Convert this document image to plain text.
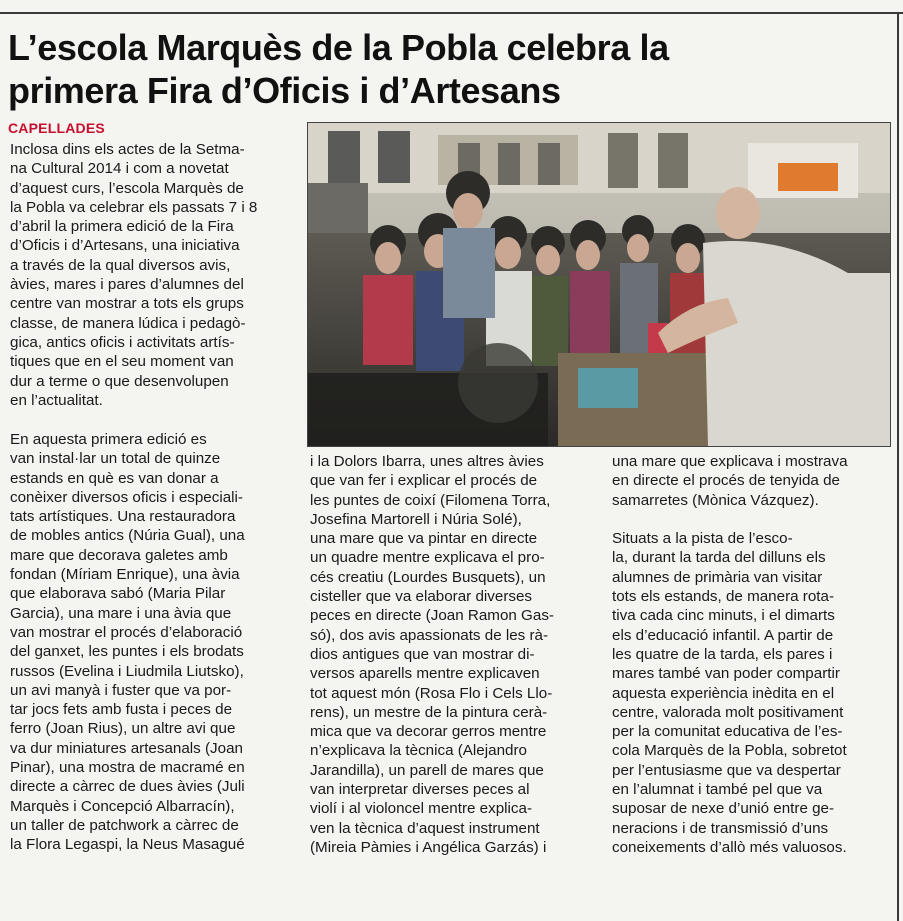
L’escola Marquès de la Pobla celebra la
primera Fira d’Oficis i d’Artesans
CAPELLADES
Inclosa dins els actes de la Setma-
na Cultural 2014 i com a novetat
d’aquest curs, l’escola Marquès de
la Pobla va celebrar els passats 7 i 8
d’abril la primera edició de la Fira
d’Oficis i d’Artesans, una iniciativa
a través de la qual diversos avis,
àvies, mares i pares d’alumnes del
centre van mostrar a tots els grups
classe, de manera lúdica i pedagò-
gica, antics oficis i activitats artís-
tiques que en el seu moment van
dur a terme o que desenvolupen
en l’actualitat.
En aquesta primera edició es
van instal·lar un total de quinze
estands en què es van donar a
conèixer diversos oficis i especiali-
tats artístiques. Una restauradora
de mobles antics (Núria Gual), una
mare que decorava galetes amb
fondan (Míriam Enrique), una àvia
que elaborava sabó (Maria Pilar
Garcia), una mare i una àvia que
van mostrar el procés d’elaboració
del ganxet, les puntes i els brodats
russos (Evelina i Liudmila Liutsko),
un avi manyà i fuster que va por-
tar jocs fets amb fusta i peces de
ferro (Joan Rius), un altre avi que
va dur miniatures artesanals (Joan
Pinar), una mostra de macramé en
directe a càrrec de dues àvies (Juli
Marquès i Concepció Albarracín),
un taller de patchwork a càrrec de
la Flora Legaspi, la Neus Masagué
i la Dolors Ibarra, unes altres àvies
que van fer i explicar el procés de
les puntes de coixí (Filomena Torra,
Josefina Martorell i Núria Solé),
una mare que va pintar en directe
un quadre mentre explicava el pro-
cés creatiu (Lourdes Busquets), un
cisteller que va elaborar diverses
peces en directe (Joan Ramon Gas-
só), dos avis apassionats de les rà-
dios antigues que van mostrar di-
versos aparells mentre explicaven
tot aquest món (Rosa Flo i Cels Llo-
rens), un mestre de la pintura cerà-
mica que va decorar gerros mentre
n’explicava la tècnica (Alejandro
Jarandilla), un parell de mares que
van interpretar diverses peces al
violí i al violoncel mentre explica-
ven la tècnica d’aquest instrument
(Mireia Pàmies i Angélica Garzás) i
una mare que explicava i mostrava
en directe el procés de tenyida de
samarretes (Mònica Vázquez).
Situats a la pista de l’esco-
la, durant la tarda del dilluns els
alumnes de primària van visitar
tots els estands, de manera rota-
tiva cada cinc minuts, i el dimarts
els d’educació infantil. A partir de
les quatre de la tarda, els pares i
mares també van poder compartir
aquesta experiència inèdita en el
centre, valorada molt positivament
per la comunitat educativa de l’es-
cola Marquès de la Pobla, sobretot
per l’entusiasme que va despertar
en l’alumnat i també pel que va
suposar de nexe d’unió entre ge-
neracions i de transmissió d’uns
coneixements d’allò més valuosos.
